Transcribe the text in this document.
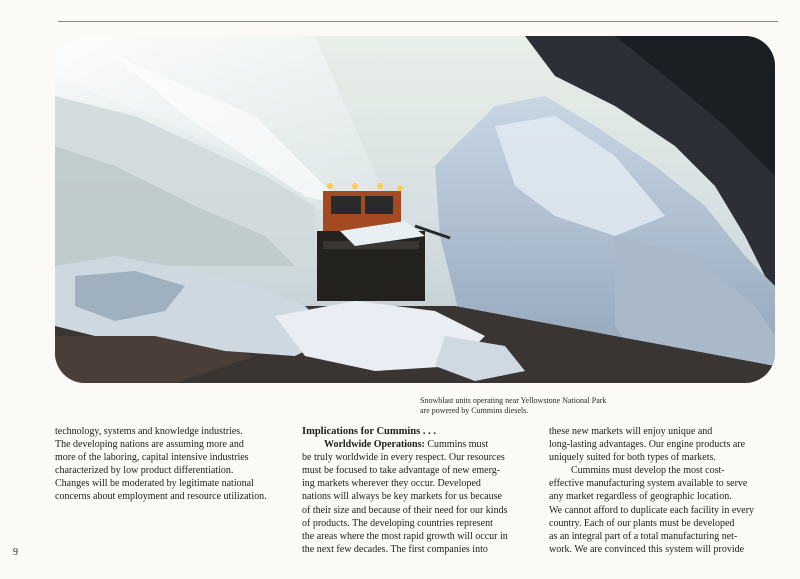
Snowblast units operating near Yellowstone National Park
are powered by Cummins diesels.
technology, systems and knowledge industries.
The developing nations are assuming more and
more of the laboring, capital intensive industries
characterized by low product differentiation.
Changes will be moderated by legitimate national
concerns about employment and resource utilization.
Implications for Cummins . . .
Worldwide Operations: Cummins must
be truly worldwide in every respect. Our resources
must be focused to take advantage of new emerg-
ing markets wherever they occur. Developed
nations will always be key markets for us because
of their size and because of their need for our kinds
of products. The developing countries represent
the areas where the most rapid growth will occur in
the next few decades. The first companies into
these new markets will enjoy unique and
long-lasting advantages. Our engine products are
uniquely suited for both types of markets.
Cummins must develop the most cost-
effective manufacturing system available to serve
any market regardless of geographic location.
We cannot afford to duplicate each facility in every
country. Each of our plants must be developed
as an integral part of a total manufacturing net-
work. We are convinced this system will provide
9
